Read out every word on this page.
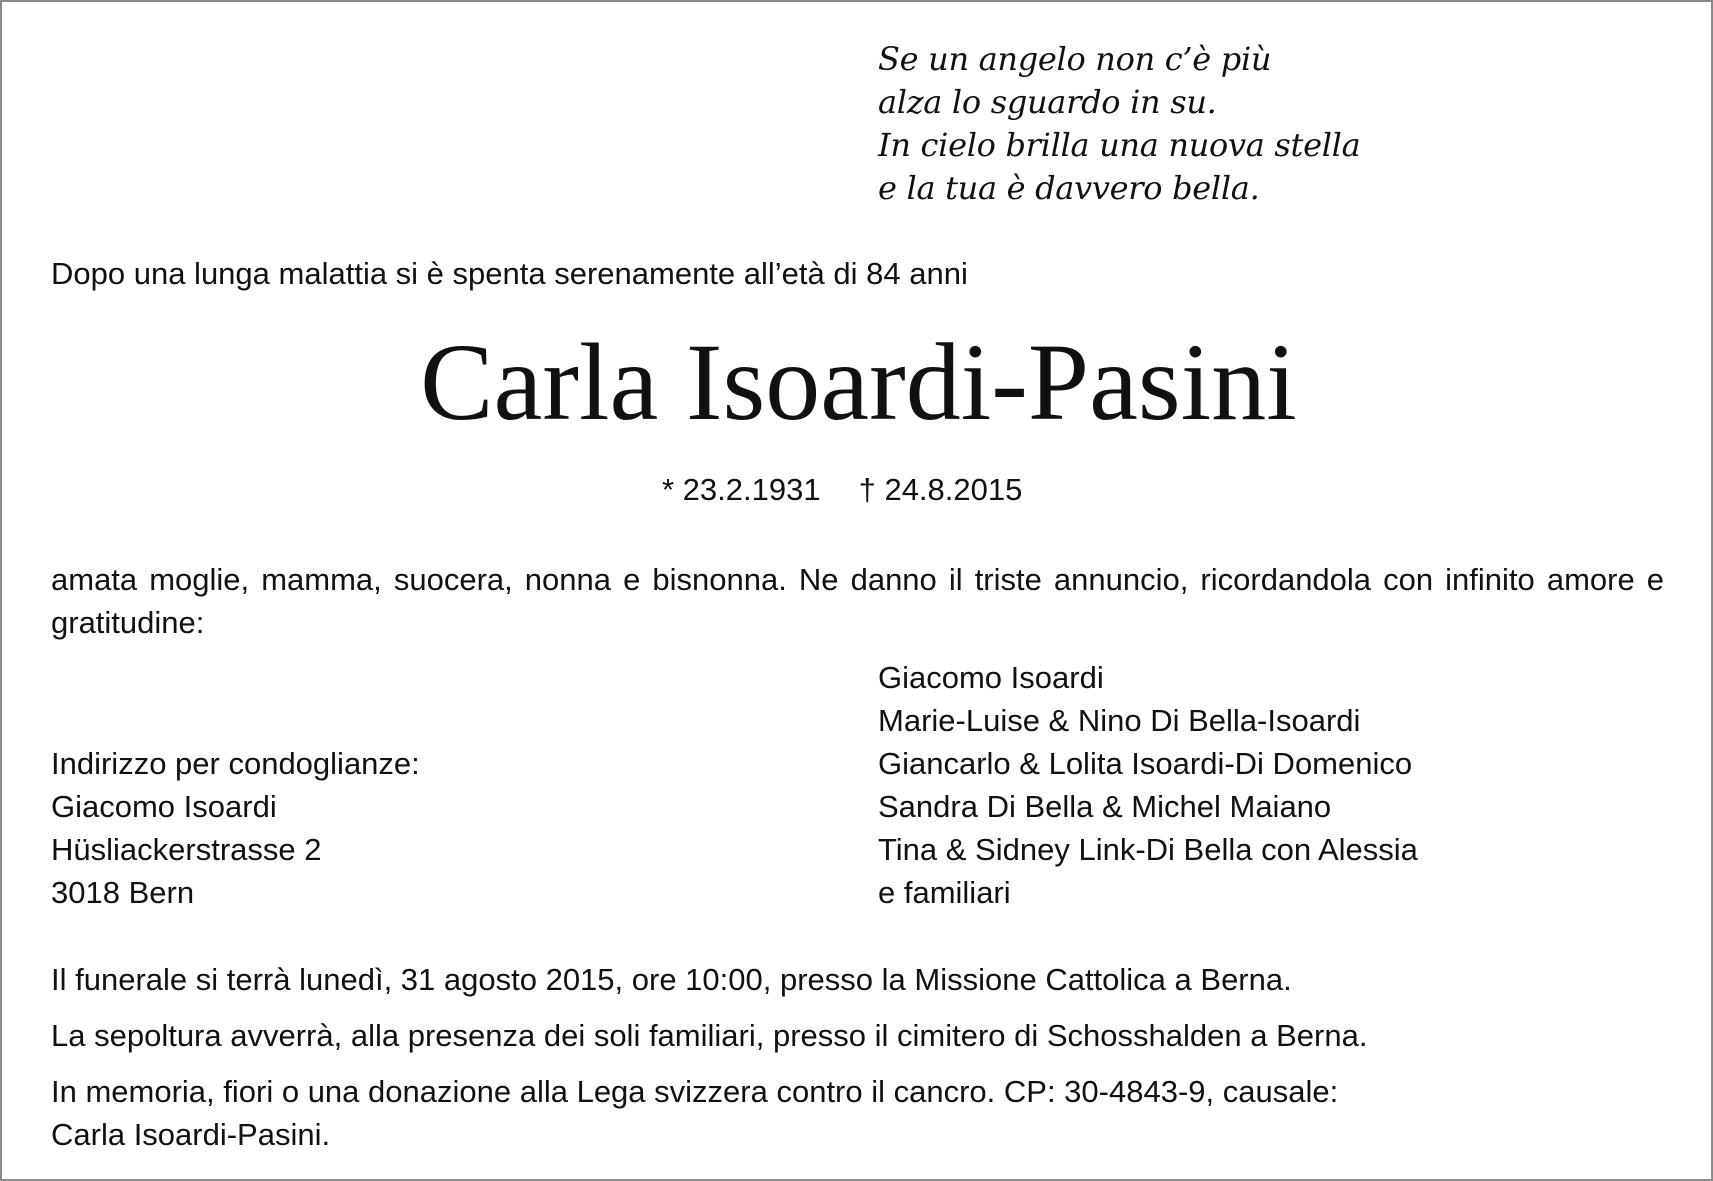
Se un angelo non c’è più
alza lo sguardo in su.
In cielo brilla una nuova stella
e la tua è davvero bella.
Dopo una lunga malattia si è spenta serenamente all’età di 84 anni
Carla Isoardi-Pasini
* 23.2.1931 † 24.8.2015
amata moglie, mamma, suocera, nonna e bisnonna. Ne danno il triste annuncio, ricordandola con infinito amore e gratitudine:
Indirizzo per condoglianze:
Giacomo Isoardi
Hüsliackerstrasse 2
3018 Bern
Giacomo Isoardi
Marie-Luise & Nino Di Bella-Isoardi
Giancarlo & Lolita Isoardi-Di Domenico
Sandra Di Bella & Michel Maiano
Tina & Sidney Link-Di Bella con Alessia
e familiari

Il funerale si terrà lunedì, 31 agosto 2015, ore 10:00, presso la Missione Cattolica a Berna.

La sepoltura avverrà, alla presenza dei soli familiari, presso il cimitero di Schosshalden a Berna.

In memoria, fiori o una donazione alla Lega svizzera contro il cancro. CP: 30-4843-9, causale:
Carla Isoardi-Pasini.
